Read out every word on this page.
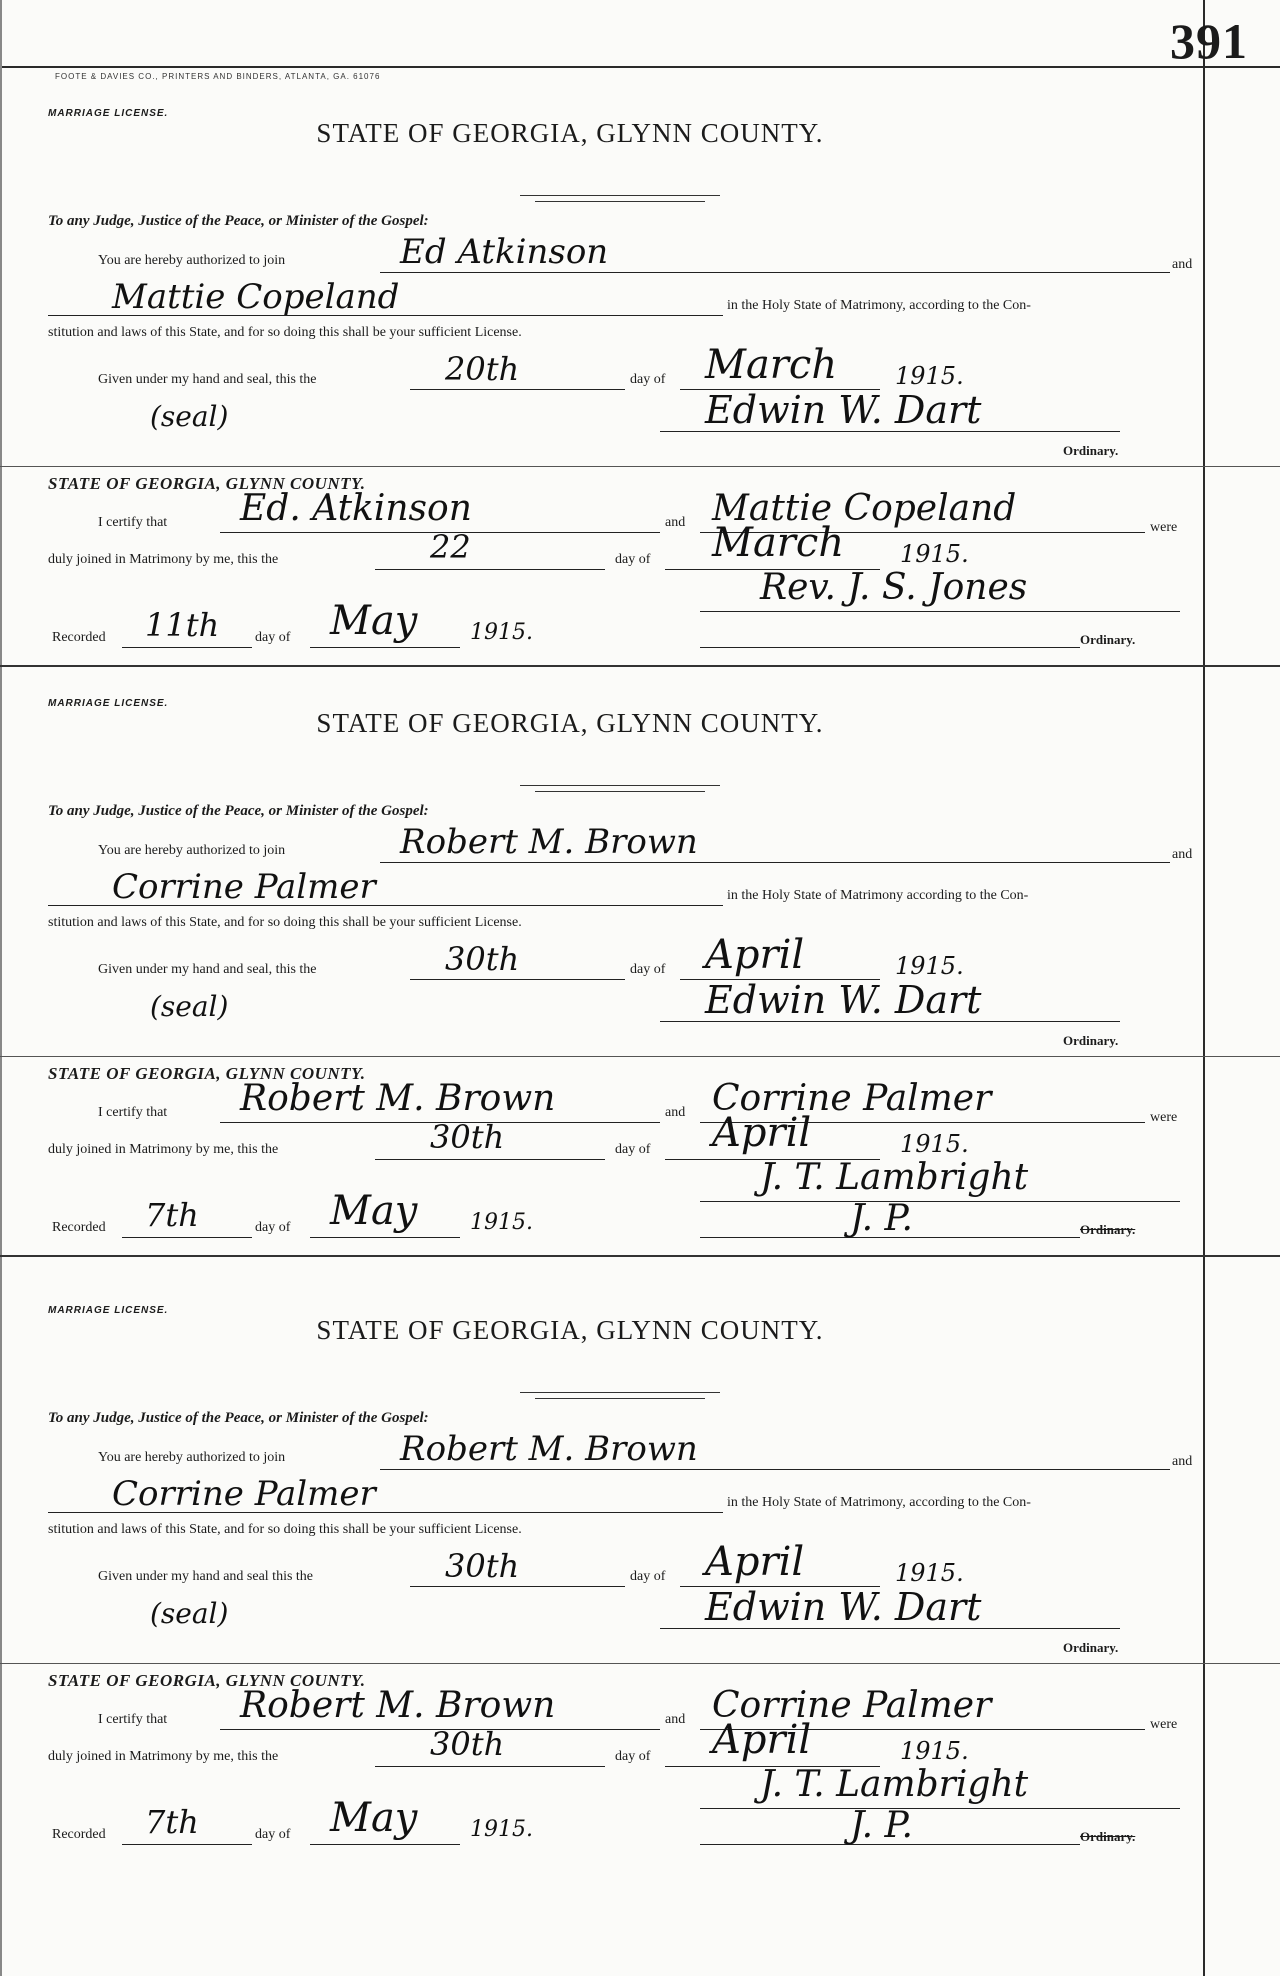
391
FOOTE & DAVIES CO., PRINTERS AND BINDERS, ATLANTA, GA. 61076
MARRIAGE LICENSE.
STATE OF GEORGIA, GLYNN COUNTY.
To any Judge, Justice of the Peace, or Minister of the Gospel:
You are hereby authorized to join	Ed Atkinson	and
Mattie Copeland	in the Holy State of Matrimony, according to the Con-
stitution and laws of this State, and for so doing this shall be your sufficient License.
Given under my hand and seal, this the	20th	day of March 1915.
(seal)	Edwin W. Dart
Ordinary.
STATE OF GEORGIA, GLYNN COUNTY.
I certify that Ed. Atkinson	and Mattie Copeland	were
duly joined in Matrimony by me, this the	22	day of March 1915.
Rev. J. S. Jones
Recorded 11th	day of May 1915.	Ordinary.
MARRIAGE LICENSE.
STATE OF GEORGIA, GLYNN COUNTY.
To any Judge, Justice of the Peace, or Minister of the Gospel:
You are hereby authorized to join	Robert M. Brown	and
Corrine Palmer	in the Holy State of Matrimony according to the Con-
stitution and laws of this State, and for so doing this shall be your sufficient License.
Given under my hand and seal, this the	30th	day of April	1915.
(seal)	Edwin W. Dart
Ordinary.
STATE OF GEORGIA, GLYNN COUNTY.
I certify that Robert M. Brown	and Corrine Palmer	were
duly joined in Matrimony by me, this the	30th	day of April	1915.
J. T. Lambright
Recorded 7th	day of May 1915.	J. P.	Ordinary.
MARRIAGE LICENSE.
STATE OF GEORGIA, GLYNN COUNTY.
To any Judge, Justice of the Peace, or Minister of the Gospel:
You are hereby authorized to join	Robert M. Brown	and
Corrine Palmer	in the Holy State of Matrimony, according to the Con-
stitution and laws of this State, and for so doing this shall be your sufficient License.
Given under my hand and seal this the	30th	day of April	1915.
(seal)	Edwin W. Dart
Ordinary.
STATE OF GEORGIA, GLYNN COUNTY.
I certify that Robert M. Brown	and Corrine Palmer	were
duly joined in Matrimony by me, this the	30th	day of April	1915.
J. T. Lambright
Recorded 7th	day of May 1915.	J. P.	Ordinary.
